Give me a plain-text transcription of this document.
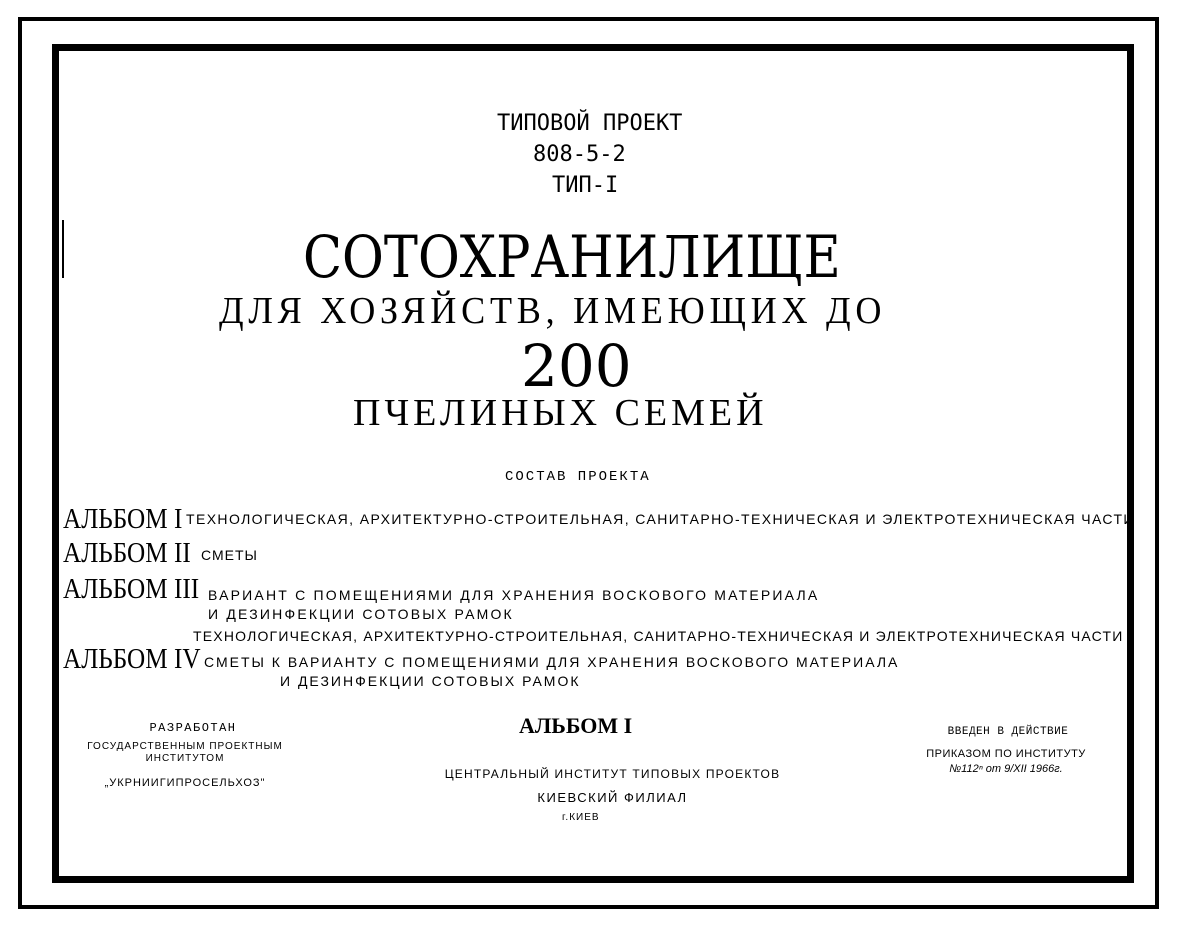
ТИПОВОЙ ПРОЕКТ
808-5-2
ТИП-I
СОТОХРАНИЛИЩЕ
ДЛЯ ХОЗЯЙСТВ, ИМЕЮЩИХ ДО
200
ПЧЕЛИНЫХ СЕМЕЙ
СОСТАВ ПРОЕКТА
АЛЬБОМ I ТЕХНОЛОГИЧЕСКАЯ, АРХИТЕКТУРНО-СТРОИТЕЛЬНАЯ, САНИТАРНО-ТЕХНИЧЕСКАЯ И ЭЛЕКТРОТЕХНИЧЕСКАЯ ЧАСТИ
АЛЬБОМ II СМЕТЫ
АЛЬБОМ III ВАРИАНТ С ПОМЕЩЕНИЯМИ ДЛЯ ХРАНЕНИЯ ВОСКОВОГО МАТЕРИАЛА
И ДЕЗИНФЕКЦИИ СОТОВЫХ РАМОК
ТЕХНОЛОГИЧЕСКАЯ, АРХИТЕКТУРНО-СТРОИТЕЛЬНАЯ, САНИТАРНО-ТЕХНИЧЕСКАЯ И ЭЛЕКТРОТЕХНИЧЕСКАЯ ЧАСТИ
АЛЬБОМ IV СМЕТЫ К ВАРИАНТУ С ПОМЕЩЕНИЯМИ ДЛЯ ХРАНЕНИЯ ВОСКОВОГО МАТЕРИАЛА
И ДЕЗИНФЕКЦИИ СОТОВЫХ РАМОК
РАЗРАБОТАН
ГОСУДАРСТВЕННЫМ ПРОЕКТНЫМ
ИНСТИТУТОМ
„УКРНИИГИПРОСЕЛЬХОЗ"
АЛЬБОМ I
ЦЕНТРАЛЬНЫЙ ИНСТИТУТ ТИПОВЫХ ПРОЕКТОВ
КИЕВСКИЙ ФИЛИАЛ
г.КИЕВ
ВВЕДЕН В ДЕЙСТВИЕ
ПРИКАЗОМ ПО ИНСТИТУТУ
№112ⁿ от 9/XII 1966г.
